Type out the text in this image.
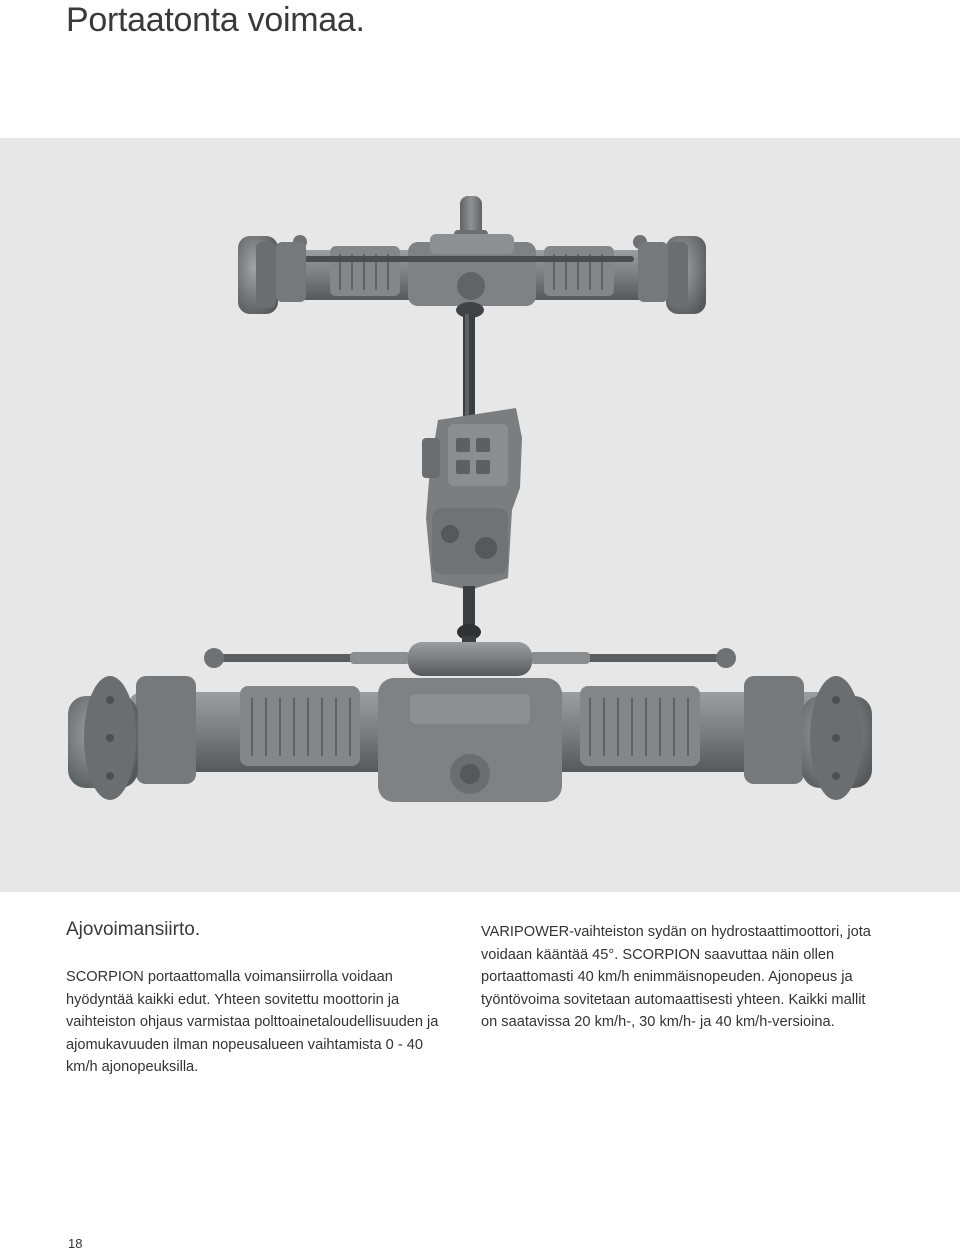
Portaatonta voimaa.
Ajovoimansiirto.

SCORPION portaattomalla voimansiirrolla voidaan hyödyntää kaikki edut. Yhteen sovitettu moottorin ja vaihteiston ohjaus varmistaa polttoainetaloudellisuuden ja ajomukavuuden ilman nopeusalueen vaihtamista 0 - 40 km/h ajonopeuksilla.

VARIPOWER-vaihteiston sydän on hydrostaattimoottori, jota voidaan kääntää 45°. SCORPION saavuttaa näin ollen portaattomasti 40 km/h enimmäisnopeuden. Ajonopeus ja työntövoima sovitetaan automaattisesti yhteen. Kaikki mallit on saatavissa 20 km/h-, 30 km/h- ja 40 km/h-versioina.

18
